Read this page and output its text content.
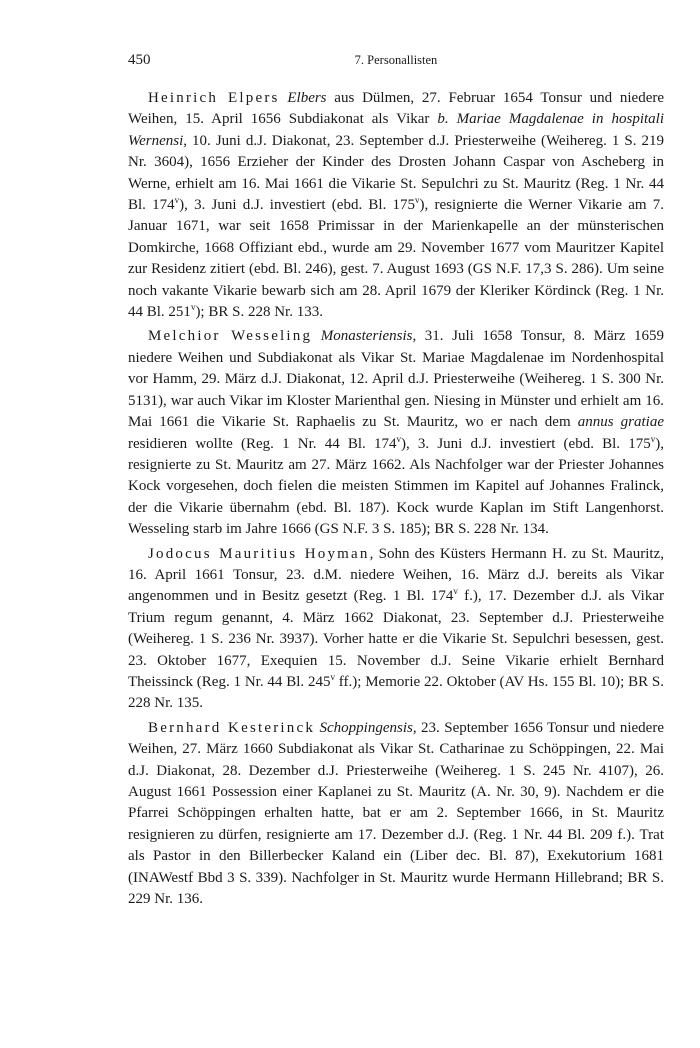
450	7. Personallisten

Heinrich Elpers Elbers aus Dülmen, 27. Februar 1654 Tonsur und niedere Weihen, 15. April 1656 Subdiakonat als Vikar b. Mariae Magdalenae in hospitali Wernensi, 10. Juni d.J. Diakonat, 23. September d.J. Priesterweihe (Weihereg. 1 S. 219 Nr. 3604), 1656 Erzieher der Kinder des Drosten Johann Caspar von Ascheberg in Werne, erhielt am 16. Mai 1661 die Vikarie St. Sepulchri zu St. Mauritz (Reg. 1 Nr. 44 Bl. 174$^v$), 3. Juni d.J. investiert (ebd. Bl. 175$^v$), resignierte die Werner Vikarie am 7. Januar 1671, war seit 1658 Primissar in der Marienkapelle an der münsterischen Domkirche, 1668 Offiziant ebd., wurde am 29. November 1677 vom Mauritzer Kapitel zur Residenz zitiert (ebd. Bl. 246), gest. 7. August 1693 (GS N.F. 17,3 S. 286). Um seine noch vakante Vikarie bewarb sich am 28. April 1679 der Kleriker Kördinck (Reg. 1 Nr. 44 Bl. 251$^v$); BR S. 228 Nr. 133.

Melchior Wesseling Monasteriensis, 31. Juli 1658 Tonsur, 8. März 1659 niedere Weihen und Subdiakonat als Vikar St. Mariae Magdalenae im Nordenhospital vor Hamm, 29. März d.J. Diakonat, 12. April d.J. Priesterweihe (Weihereg. 1 S. 300 Nr. 5131), war auch Vikar im Kloster Marienthal gen. Niesing in Münster und erhielt am 16. Mai 1661 die Vikarie St. Raphaelis zu St. Mauritz, wo er nach dem annus gratiae residieren wollte (Reg. 1 Nr. 44 Bl. 174$^v$), 3. Juni d.J. investiert (ebd. Bl. 175$^v$), resignierte zu St. Mauritz am 27. März 1662. Als Nachfolger war der Priester Johannes Kock vorgesehen, doch fielen die meisten Stimmen im Kapitel auf Johannes Fralinck, der die Vikarie übernahm (ebd. Bl. 187). Kock wurde Kaplan im Stift Langenhorst. Wesseling starb im Jahre 1666 (GS N.F. 3 S. 185); BR S. 228 Nr. 134.

Jodocus Mauritius Hoyman, Sohn des Küsters Hermann H. zu St. Mauritz, 16. April 1661 Tonsur, 23. d.M. niedere Weihen, 16. März d.J. bereits als Vikar angenommen und in Besitz gesetzt (Reg. 1 Bl. 174$^v$ f.), 17. Dezember d.J. als Vikar Trium regum genannt, 4. März 1662 Diakonat, 23. September d.J. Priesterweihe (Weihereg. 1 S. 236 Nr. 3937). Vorher hatte er die Vikarie St. Sepulchri besessen, gest. 23. Oktober 1677, Exequien 15. November d.J. Seine Vikarie erhielt Bernhard Theissinck (Reg. 1 Nr. 44 Bl. 245$^v$ ff.); Memorie 22. Oktober (AV Hs. 155 Bl. 10); BR S. 228 Nr. 135.

Bernhard Kesterinck Schoppingensis, 23. September 1656 Tonsur und niedere Weihen, 27. März 1660 Subdiakonat als Vikar St. Catharinae zu Schöppingen, 22. Mai d.J. Diakonat, 28. Dezember d.J. Priesterweihe (Weihereg. 1 S. 245 Nr. 4107), 26. August 1661 Possession einer Kaplanei zu St. Mauritz (A. Nr. 30, 9). Nachdem er die Pfarrei Schöppingen erhalten hatte, bat er am 2. September 1666, in St. Mauritz resignieren zu dürfen, resignierte am 17. Dezember d.J. (Reg. 1 Nr. 44 Bl. 209 f.). Trat als Pastor in den Billerbecker Kaland ein (Liber dec. Bl. 87), Exekutorium 1681 (INAWestf Bbd 3 S. 339). Nachfolger in St. Mauritz wurde Hermann Hillebrand; BR S. 229 Nr. 136.
